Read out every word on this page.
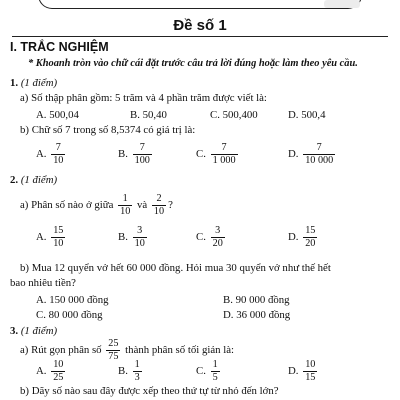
Đề số 1
I. TRẮC NGHIỆM
* Khoanh tròn vào chữ cái đặt trước câu trả lời đúng hoặc làm theo yêu cầu.
1. (1 điểm)
a) Số thập phân gồm: 5 trăm và 4 phần trăm được viết là:
A. 500,04	B. 50,40	C. 500,400	D. 500,4
b) Chữ số 7 trong số 8,5374 có giá trị là:
A. $\frac{7}{10}$	B. $\frac{7}{100}$	C. $\frac{7}{1 000}$	D. $\frac{7}{10 000}$
2. (1 điểm)
a) Phân số nào ở giữa $\frac{1}{10}$ và $\frac{2}{10}$ ?
A. $\frac{15}{10}$	B. $\frac{3}{10}$	C. $\frac{3}{20}$	D. $\frac{15}{20}$
b) Mua 12 quyển vở hết 60 000 đồng. Hỏi mua 30 quyển vở như thế hết
bao nhiêu tiền?
A. 150 000 đồng	B. 90 000 đồng
C. 80 000 đồng	D. 36 000 đồng
3. (1 điểm)
a) Rút gọn phân số $\frac{25}{75}$ thành phân số tối giản là:
A. $\frac{10}{25}$	B. $\frac{1}{3}$	C. $\frac{1}{5}$	D. $\frac{10}{15}$
b) Dãy số nào sau đây được xếp theo thứ tự từ nhỏ đến lớn?
